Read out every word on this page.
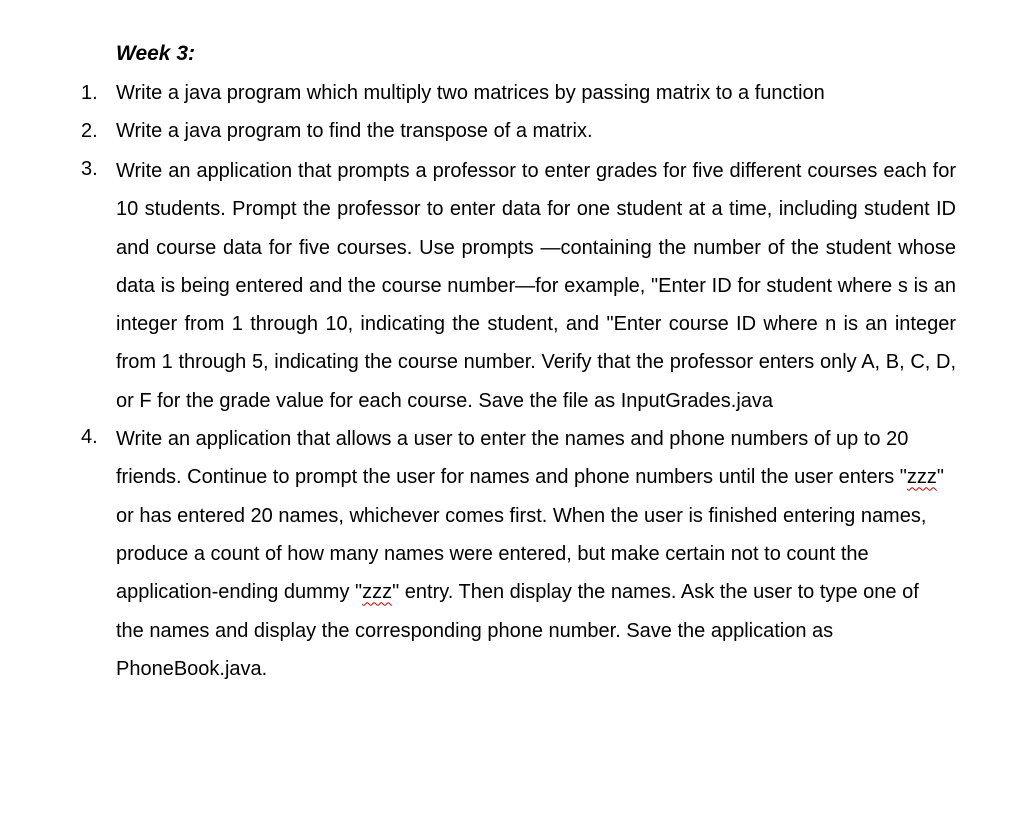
Week 3:

1. Write a java program which multiply two matrices by passing matrix to a function
2. Write a java program to find the transpose of a matrix.
3. Write an application that prompts a professor to enter grades for five different courses each for 10 students. Prompt the professor to enter data for one student at a time, including student ID and course data for five courses. Use prompts —containing the number of the student whose data is being entered and the course number—for example, "Enter ID for student where s is an integer from 1 through 10, indicating the student, and "Enter course ID where n is an integer from 1 through 5, indicating the course number. Verify that the professor enters only A, B, C, D, or F for the grade value for each course. Save the file as InputGrades.java
4. Write an application that allows a user to enter the names and phone numbers of up to 20 friends. Continue to prompt the user for names and phone numbers until the user enters "zzz" or has entered 20 names, whichever comes first. When the user is finished entering names, produce a count of how many names were entered, but make certain not to count the application-ending dummy "zzz" entry. Then display the names. Ask the user to type one of the names and display the corresponding phone number. Save the application as PhoneBook.java.
